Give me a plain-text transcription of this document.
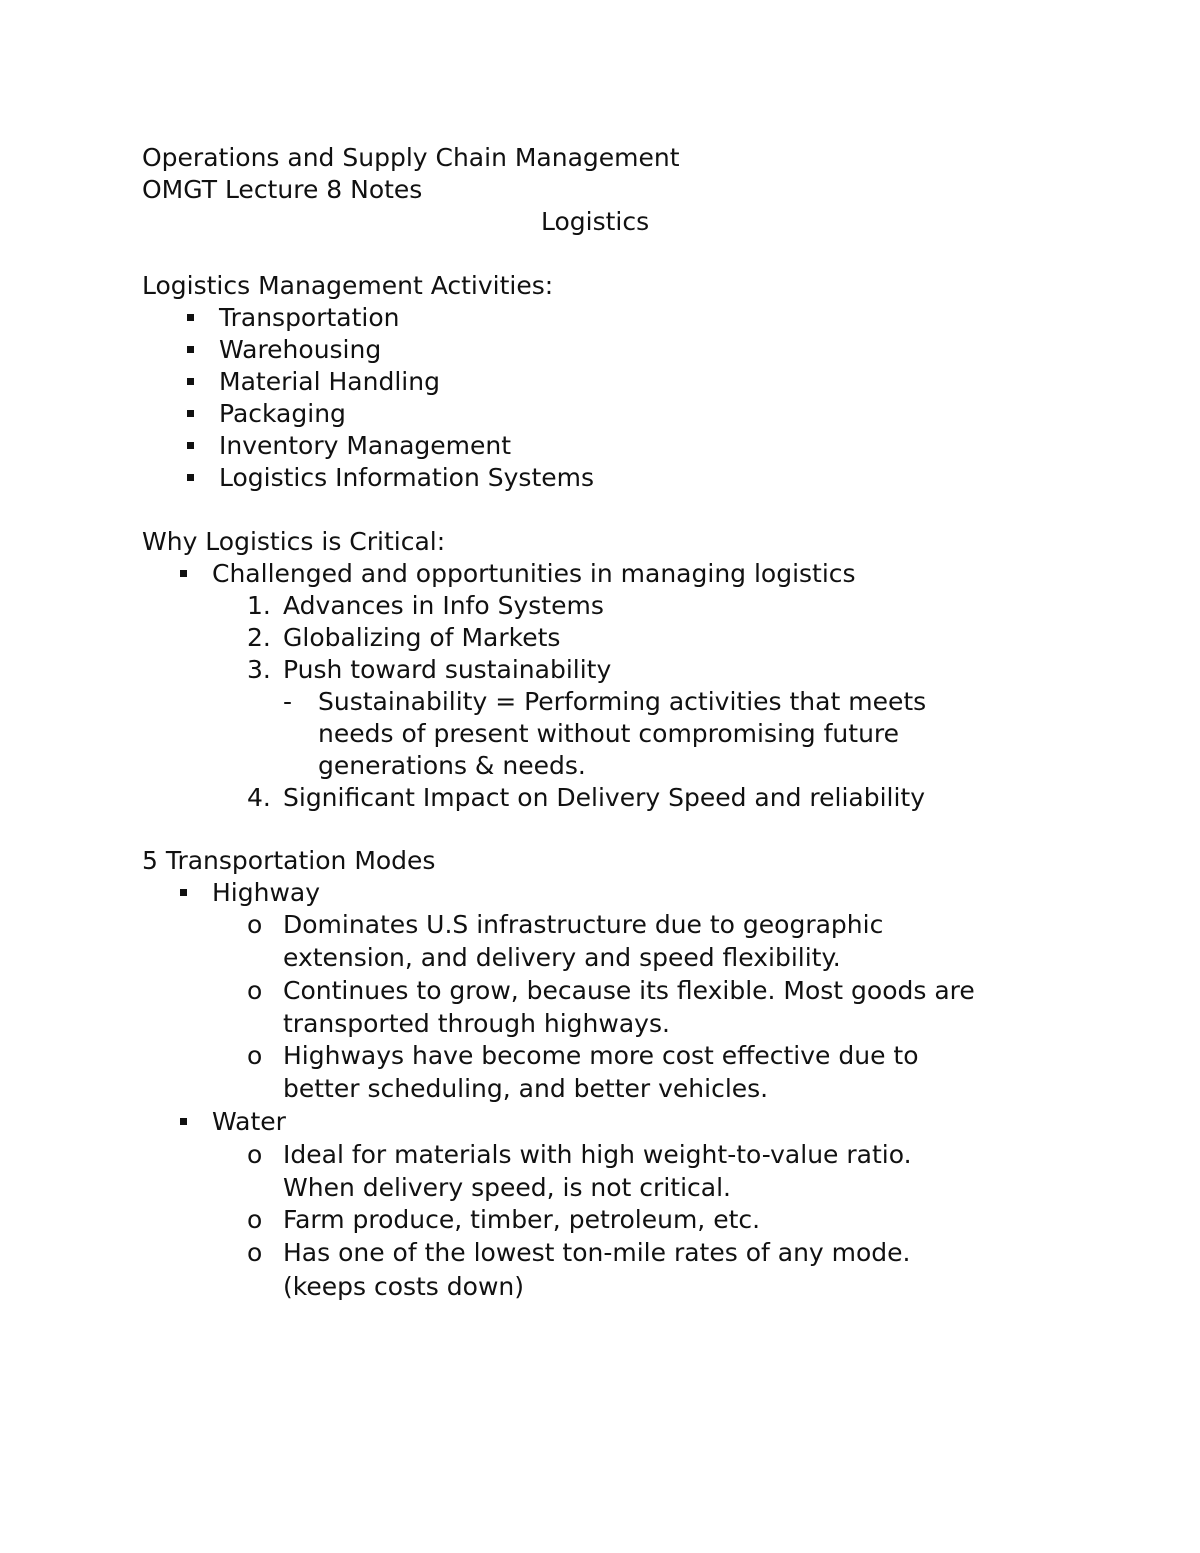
Operations and Supply Chain Management
OMGT Lecture 8 Notes
Logistics
Logistics Management Activities:
Transportation
Warehousing
Material Handling
Packaging
Inventory Management
Logistics Information Systems
Why Logistics is Critical:
Challenged and opportunities in managing logistics
1. Advances in Info Systems
2. Globalizing of Markets
3. Push toward sustainability
- Sustainability = Performing activities that meets
needs of present without compromising future
generations & needs.
4. Significant Impact on Delivery Speed and reliability
5 Transportation Modes
Highway
o Dominates U.S infrastructure due to geographic
extension, and delivery and speed flexibility.
o Continues to grow, because its flexible. Most goods are
transported through highways.
o Highways have become more cost effective due to
better scheduling, and better vehicles.
Water
o Ideal for materials with high weight-to-value ratio.
When delivery speed, is not critical.
o Farm produce, timber, petroleum, etc.
o Has one of the lowest ton-mile rates of any mode.
(keeps costs down)
